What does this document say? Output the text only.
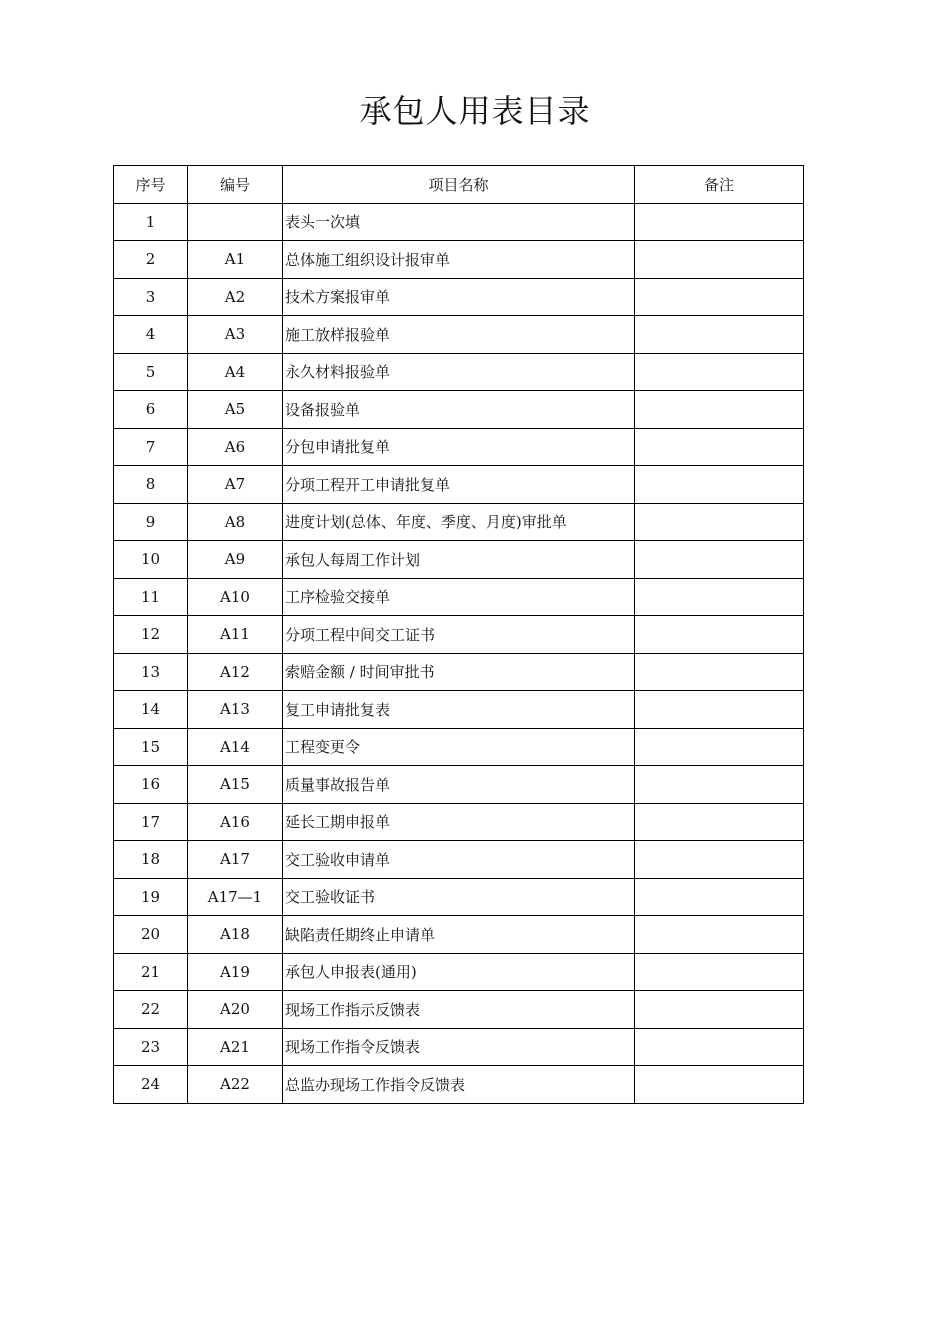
承包人用表目录
序号	编号	项目名称	备注
1		表头一次填	
2	A1	总体施工组织设计报审单	
3	A2	技术方案报审单	
4	A3	施工放样报验单	
5	A4	永久材料报验单	
6	A5	设备报验单	
7	A6	分包申请批复单	
8	A7	分项工程开工申请批复单	
9	A8	进度计划(总体、年度、季度、月度)审批单	
10	A9	承包人每周工作计划	
11	A10	工序检验交接单	
12	A11	分项工程中间交工证书	
13	A12	索赔金额 / 时间审批书	
14	A13	复工申请批复表	
15	A14	工程变更令	
16	A15	质量事故报告单	
17	A16	延长工期申报单	
18	A17	交工验收申请单	
19	A17—1	交工验收证书	
20	A18	缺陷责任期终止申请单	
21	A19	承包人申报表(通用)	
22	A20	现场工作指示反馈表	
23	A21	现场工作指令反馈表	
24	A22	总监办现场工作指令反馈表	
